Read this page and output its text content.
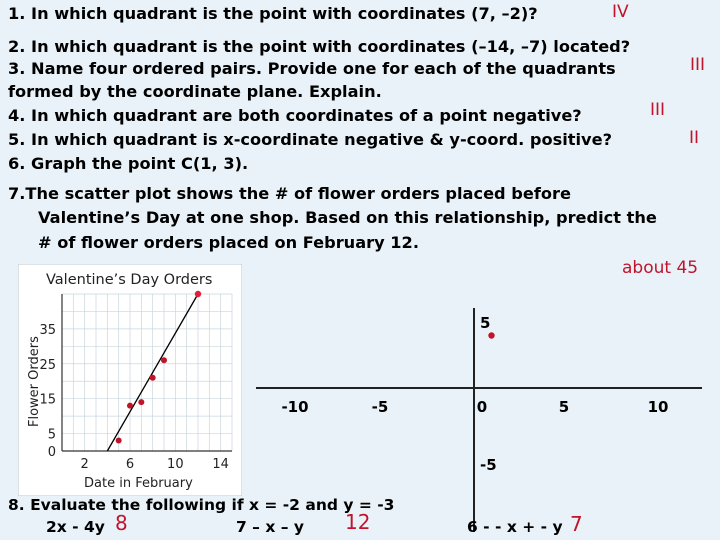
1. In which quadrant is the point with coordinates (7, –2)?	IV
2. In which quadrant is the point with coordinates (–14, –7) located?
3. Name four ordered pairs. Provide one for each of the quadrants	III
formed by the coordinate plane. Explain.
4. In which quadrant are both coordinates of a point negative?	III
5. In which quadrant is x-coordinate negative & y-coord. positive?	II
6. Graph the point C(1, 3).
7.The scatter plot shows the # of flower orders placed before
Valentine’s Day at one shop. Based on this relationship, predict the
# of flower orders placed on February 12.
about 45
Valentine’s Day Orders
Flower Orders
Date in February
2	6	10 14
0
5
15
25
35
-10	-5	0	5	10
5
-5
8. Evaluate the following if x = -2 and y = -3
2x - 4y 8	7 – x – y 12	6 - - x + - y 7
